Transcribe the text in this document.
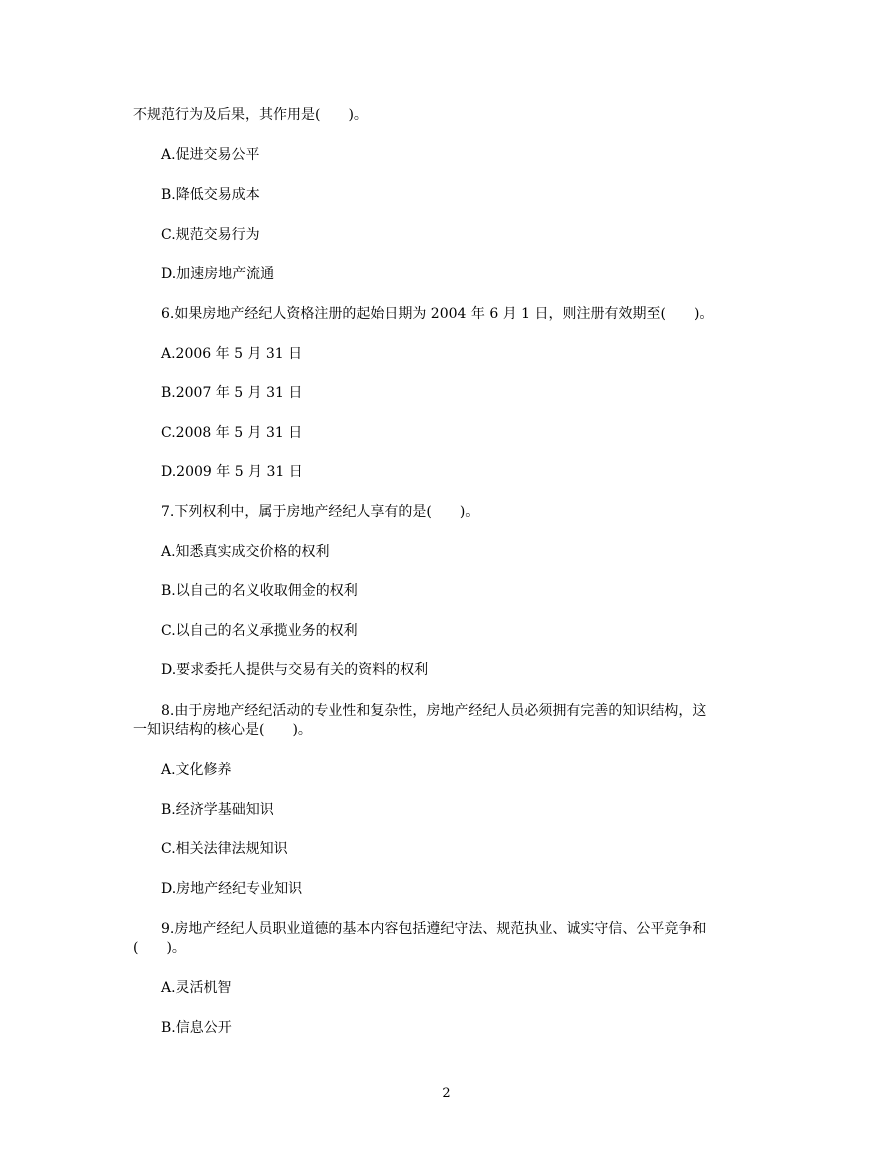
不规范行为及后果，其作用是(　　)。
A.促进交易公平
B.降低交易成本
C.规范交易行为
D.加速房地产流通
6.如果房地产经纪人资格注册的起始日期为 2004 年 6 月 1 日，则注册有效期至(　　)。
A.2006 年 5 月 31 日
B.2007 年 5 月 31 日
C.2008 年 5 月 31 日
D.2009 年 5 月 31 日
7.下列权利中，属于房地产经纪人享有的是(　　)。
A.知悉真实成交价格的权利
B.以自己的名义收取佣金的权利
C.以自己的名义承揽业务的权利
D.要求委托人提供与交易有关的资料的权利
8.由于房地产经纪活动的专业性和复杂性，房地产经纪人员必须拥有完善的知识结构，这
一知识结构的核心是(　　)。
A.文化修养
B.经济学基础知识
C.相关法律法规知识
D.房地产经纪专业知识
9.房地产经纪人员职业道德的基本内容包括遵纪守法、规范执业、诚实守信、公平竞争和
(　　)。
A.灵活机智
B.信息公开
2
